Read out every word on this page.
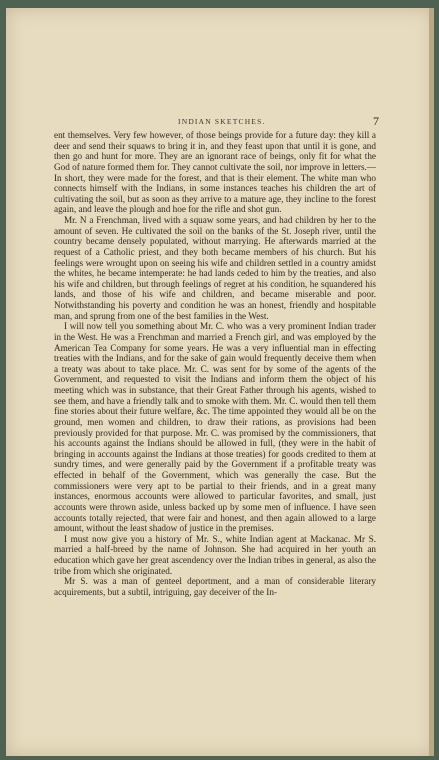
INDIAN SKETCHES.	7

ent themselves. Very few however, of those beings provide for a future day: they kill a deer and send their squaws to bring it in, and they feast upon that until it is gone, and then go and hunt for more. They are an ignorant race of beings, only fit for what the God of nature formed them for. They cannot cultivate the soil, nor improve in letters.— In short, they were made for the forest, and that is their element. The white man who connects himself with the Indians, in some instances teaches his children the art of cultivating the soil, but as soon as they arrive to a mature age, they incline to the forest again, and leave the plough and hoe for the rifle and shot gun.

Mr. N a Frenchman, lived with a squaw some years, and had children by her to the amount of seven. He cultivated the soil on the banks of the St. Joseph river, until the country became densely populated, without marrying. He afterwards married at the request of a Catholic priest, and they both became members of his church. But his feelings were wrought upon on seeing his wife and children settled in a country amidst the whites, he became intemperate: he had lands ceded to him by the treaties, and also his wife and children, but through feelings of regret at his condition, he squandered his lands, and those of his wife and children, and became miserable and poor. Notwithstanding his poverty and condition he was an honest, friendly and hospitable man, and sprung from one of the best families in the West.

I will now tell you something about Mr. C. who was a very prominent Indian trader in the West. He was a Frenchman and married a French girl, and was employed by the American Tea Company for some years. He was a very influential man in effecting treaties with the Indians, and for the sake of gain would frequently deceive them when a treaty was about to take place. Mr. C. was sent for by some of the agents of the Government, and requested to visit the Indians and inform them the object of his meeting which was in substance, that their Great Father through his agents, wished to see them, and have a friendly talk and to smoke with them. Mr. C. would then tell them fine stories about their future welfare, &c. The time appointed they would all be on the ground, men women and children, to draw their rations, as provisions had been previously provided for that purpose. Mr. C. was promised by the commissioners, that his accounts against the Indians should be allowed in full, (they were in the habit of bringing in accounts against the Indians at those treaties) for goods credited to them at sundry times, and were generally paid by the Government if a profitable treaty was effected in behalf of the Government, which was generally the case. But the commissioners were very apt to be partial to their friends, and in a great many instances, enormous accounts were allowed to particular favorites, and small, just accounts were thrown aside, unless backed up by some men of influence. I have seen accounts totally rejected, that were fair and honest, and then again allowed to a large amount, without the least shadow of justice in the premises.

I must now give you a history of Mr. S., white Indian agent at Mackanac. Mr S. married a half-breed by the name of Johnson. She had acquired in her youth an education which gave her great ascendency over the Indian tribes in general, as also the tribe from which she originated.

Mr S. was a man of genteel deportment, and a man of considerable literary acquirements, but a subtil, intriguing, gay deceiver of the In-
